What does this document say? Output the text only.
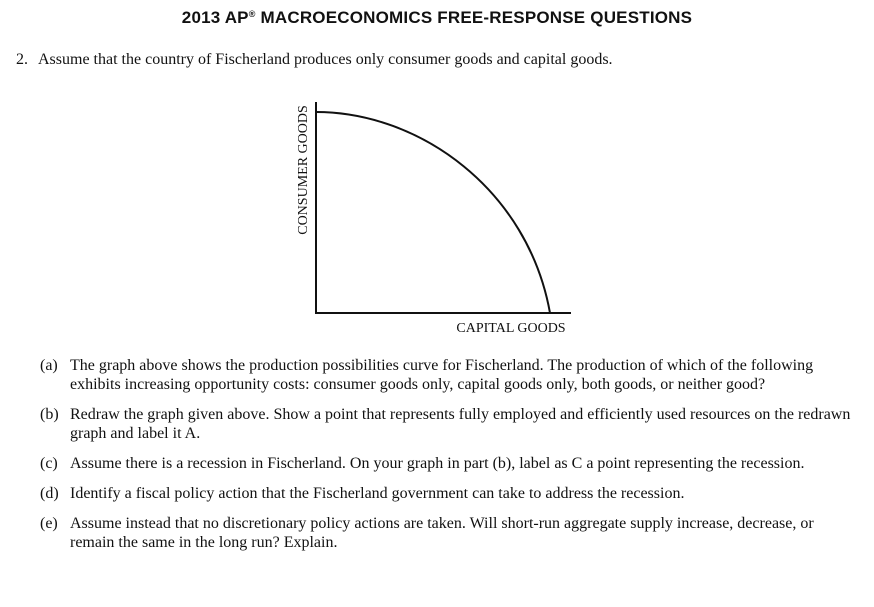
2013 AP® MACROECONOMICS FREE-RESPONSE QUESTIONS
2. Assume that the country of Fischerland produces only consumer goods and capital goods.
CONSUMER GOODS
CAPITAL GOODS
(a) The graph above shows the production possibilities curve for Fischerland. The production of which of the following exhibits increasing opportunity costs: consumer goods only, capital goods only, both goods, or neither good?
(b) Redraw the graph given above. Show a point that represents fully employed and efficiently used resources on the redrawn graph and label it A.
(c) Assume there is a recession in Fischerland. On your graph in part (b), label as C a point representing the recession.
(d) Identify a fiscal policy action that the Fischerland government can take to address the recession.
(e) Assume instead that no discretionary policy actions are taken. Will short-run aggregate supply increase, decrease, or remain the same in the long run? Explain.
